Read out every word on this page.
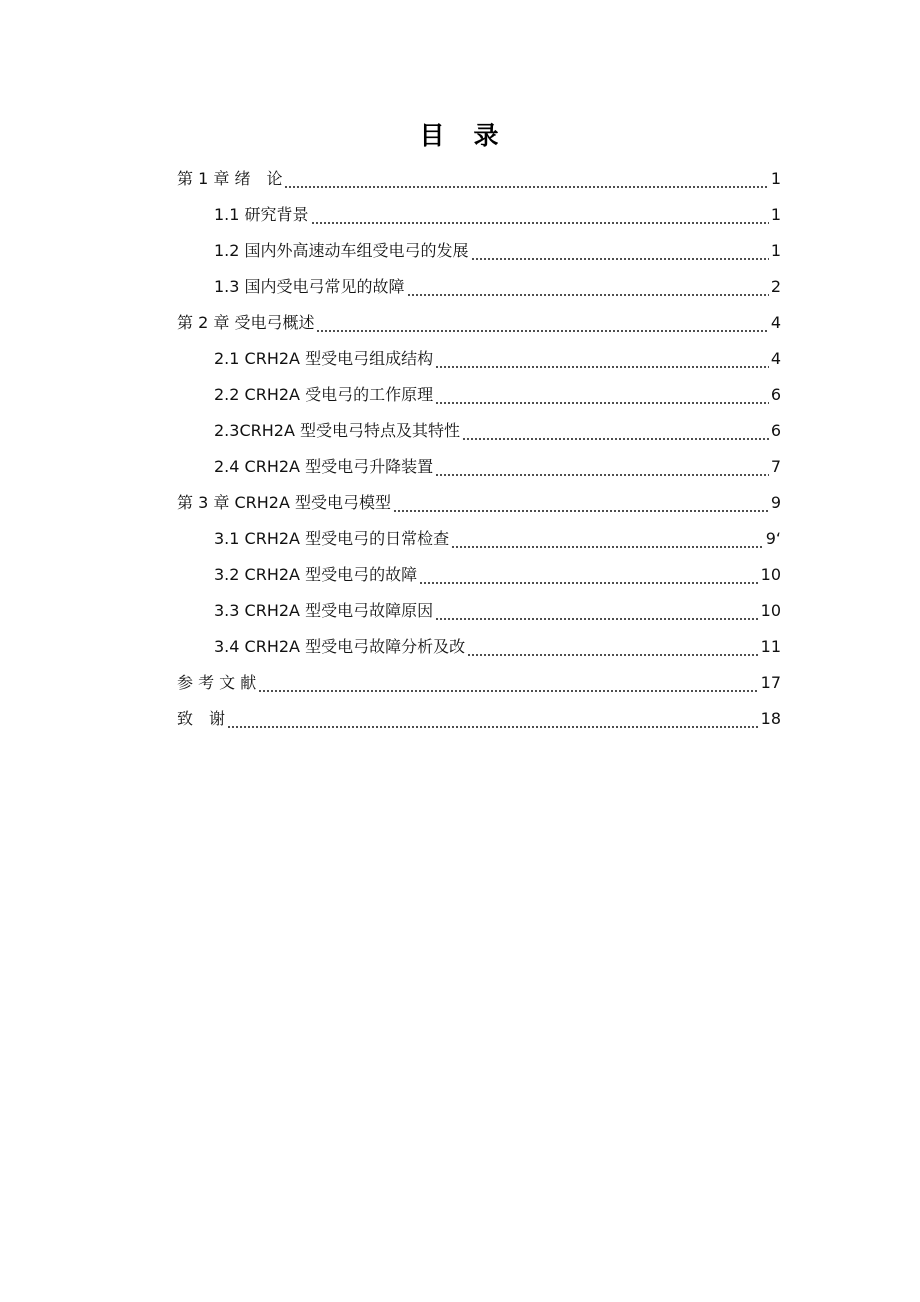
目　录
第 1 章 绪　论	1
1.1 研究背景	1
1.2 国内外高速动车组受电弓的发展	1
1.3 国内受电弓常见的故障	2
第 2 章 受电弓概述	4
2.1 CRH2A 型受电弓组成结构	4
2.2 CRH2A 受电弓的工作原理	6
2.3CRH2A 型受电弓特点及其特性	6
2.4 CRH2A 型受电弓升降装置	7
第 3 章 CRH2A 型受电弓模型	9
3.1 CRH2A 型受电弓的日常检查	9‘
3.2 CRH2A 型受电弓的故障	10
3.3 CRH2A 型受电弓故障原因	10
3.4 CRH2A 型受电弓故障分析及改	11
参 考 文 献	17
致　谢	18
